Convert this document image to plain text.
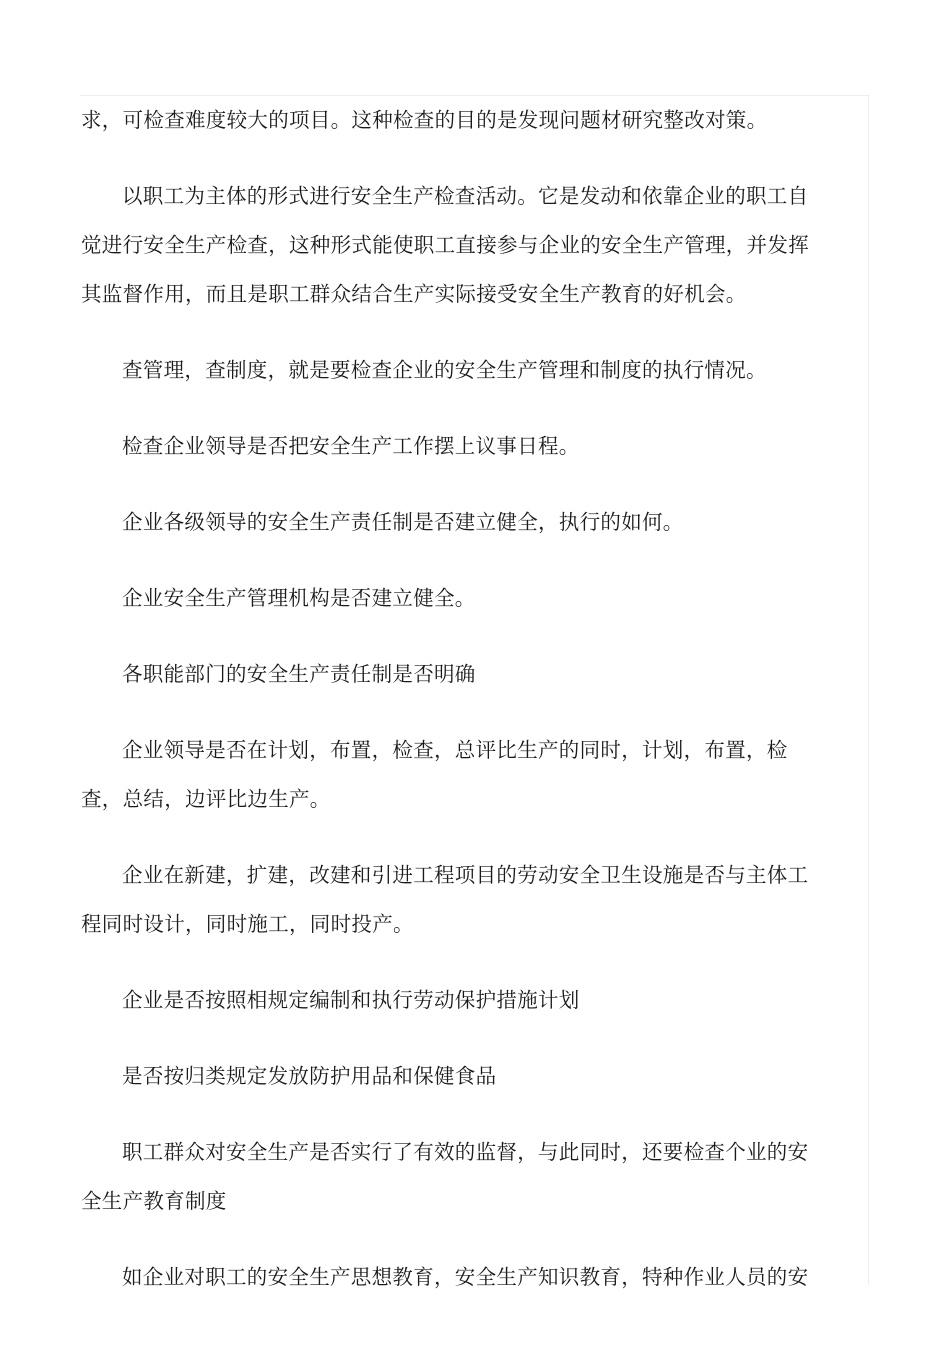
求，可检查难度较大的项目。这种检查的目的是发现问题材研究整改对策。

以职工为主体的形式进行安全生产检查活动。它是发动和依靠企业的职工自觉进行安全生产检查，这种形式能使职工直接参与企业的安全生产管理，并发挥其监督作用，而且是职工群众结合生产实际接受安全生产教育的好机会。

查管理，查制度，就是要检查企业的安全生产管理和制度的执行情况。

检查企业领导是否把安全生产工作摆上议事日程。

企业各级领导的安全生产责任制是否建立健全，执行的如何。

企业安全生产管理机构是否建立健全。

各职能部门的安全生产责任制是否明确

企业领导是否在计划，布置，检查，总评比生产的同时，计划，布置，检查，总结，边评比边生产。

企业在新建，扩建，改建和引进工程项目的劳动安全卫生设施是否与主体工程同时设计，同时施工，同时投产。

企业是否按照相规定编制和执行劳动保护措施计划

是否按归类规定发放防护用品和保健食品

职工群众对安全生产是否实行了有效的监督，与此同时，还要检查个业的安全生产教育制度

如企业对职工的安全生产思想教育，安全生产知识教育，特种作业人员的安
